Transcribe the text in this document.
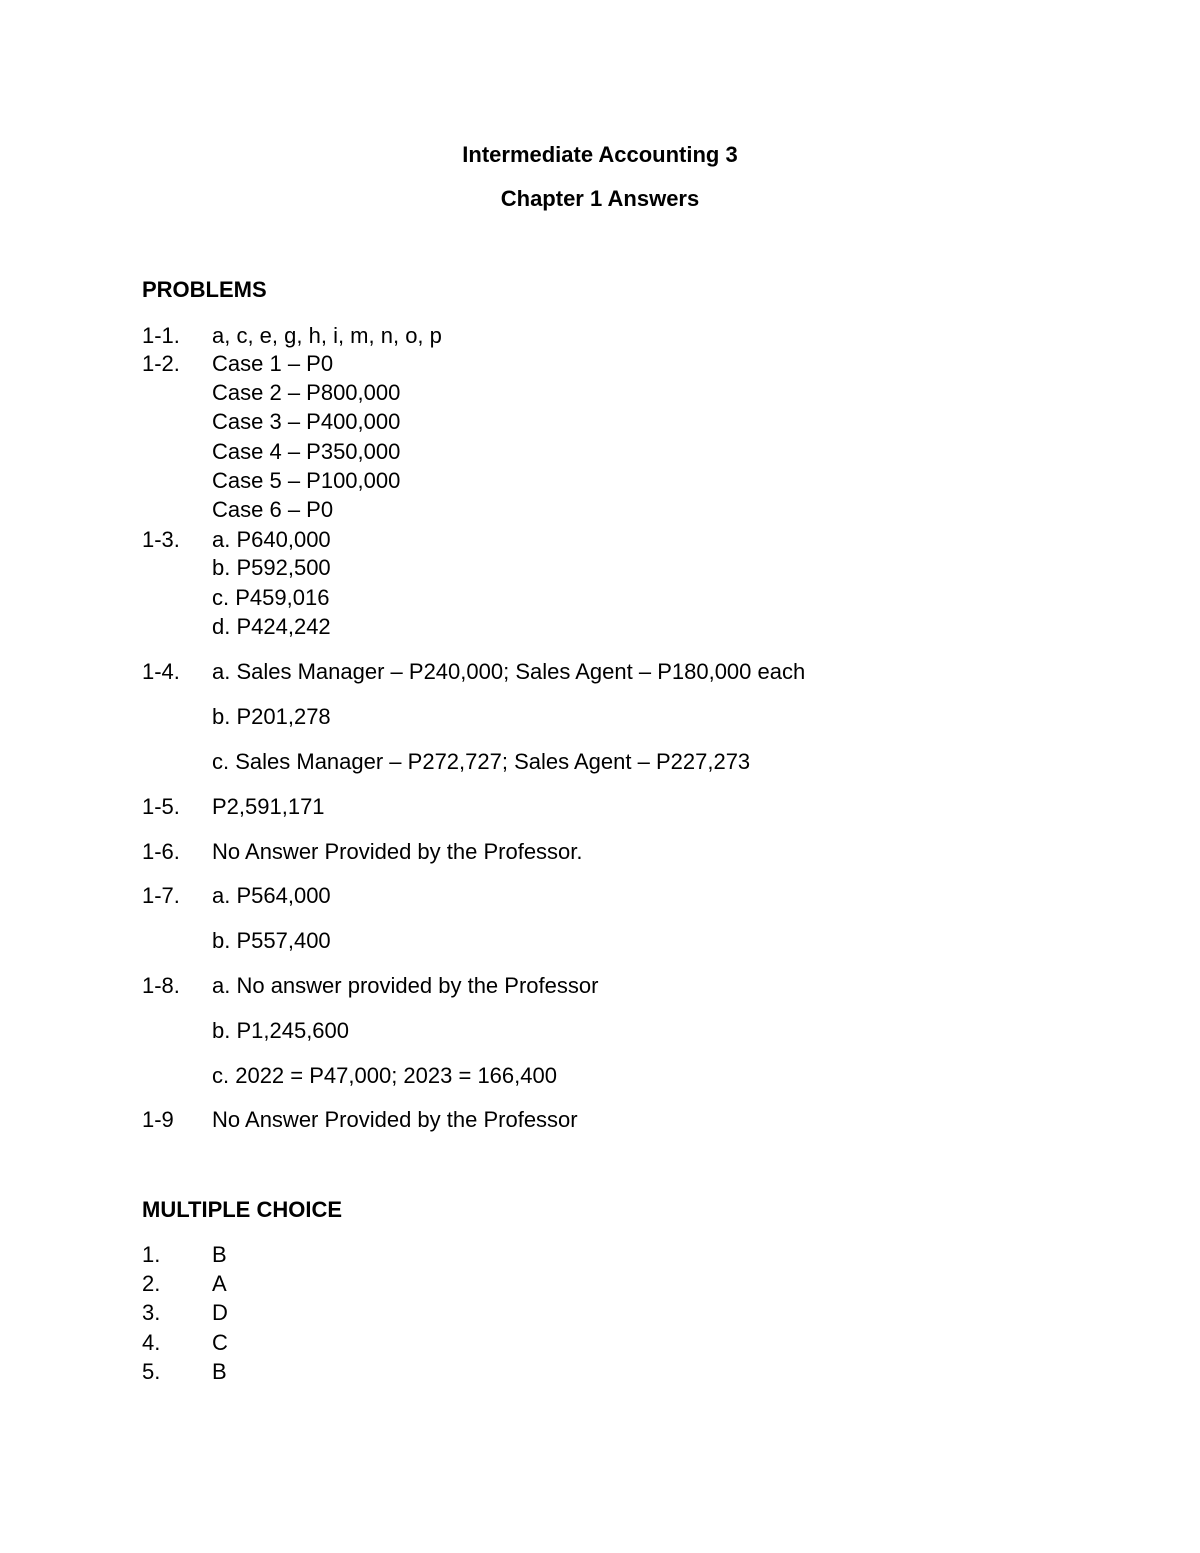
Intermediate Accounting 3
Chapter 1 Answers
PROBLEMS
1-1. a, c, e, g, h, i, m, n, o, p
1-2. Case 1 – P0
Case 2 – P800,000
Case 3 – P400,000
Case 4 – P350,000
Case 5 – P100,000
Case 6 – P0
1-3. a. P640,000
b. P592,500
c. P459,016
d. P424,242
1-4. a. Sales Manager – P240,000; Sales Agent – P180,000 each
b. P201,278
c. Sales Manager – P272,727; Sales Agent – P227,273
1-5. P2,591,171
1-6. No Answer Provided by the Professor.
1-7. a. P564,000
b. P557,400
1-8. a. No answer provided by the Professor
b. P1,245,600
c. 2022 = P47,000; 2023 = 166,400
1-9 No Answer Provided by the Professor
MULTIPLE CHOICE
1. B
2. A
3. D
4. C
5. B
